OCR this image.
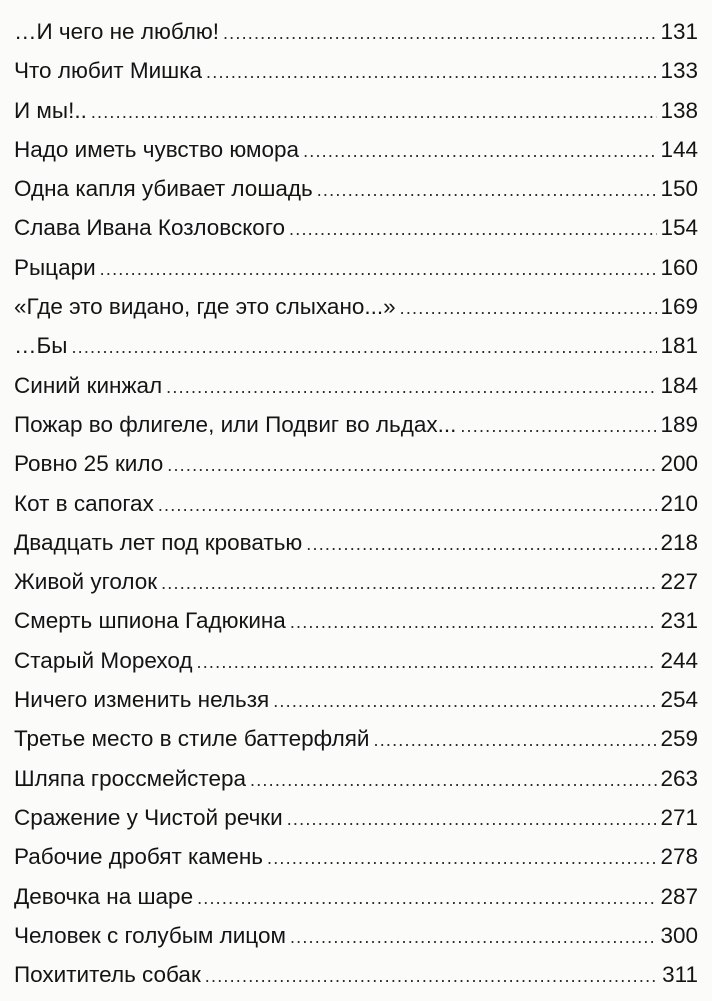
…И чего не люблю! .....	131
Что любит Мишка .....	133
И мы!.. .....	138
Надо иметь чувство юмора .....	144
Одна капля убивает лошадь .....	150
Слава Ивана Козловского .....	154
Рыцари .....	160
«Где это видано, где это слыхано...» .....	169
…Бы .....	181
Синий кинжал .....	184
Пожар во флигеле, или Подвиг во льдах... .....	189
Ровно 25 кило .....	200
Кот в сапогах .....	210
Двадцать лет под кроватью .....	218
Живой уголок .....	227
Смерть шпиона Гадюкина .....	231
Старый Мореход .....	244
Ничего изменить нельзя .....	254
Третье место в стиле баттерфляй .....	259
Шляпа гроссмейстера .....	263
Сражение у Чистой речки .....	271
Рабочие дробят камень .....	278
Девочка на шаре .....	287
Человек с голубым лицом .....	300
Похититель собак .....	311
